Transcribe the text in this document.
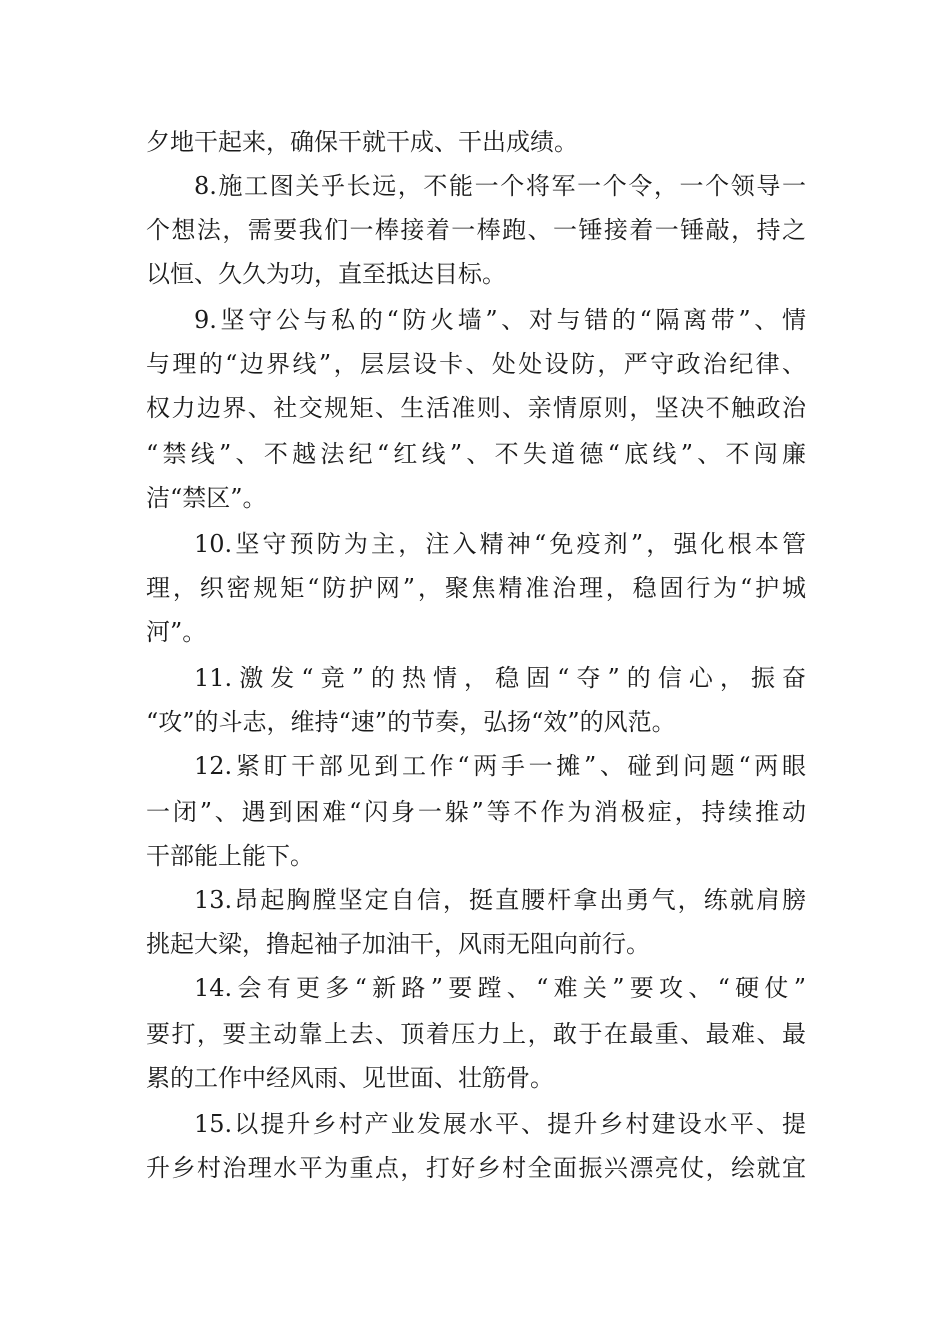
夕地干起来，确保干就干成、干出成绩。
8.施工图关乎长远，不能一个将军一个令，一个领导一
个想法，需要我们一棒接着一棒跑、一锤接着一锤敲，持之
以恒、久久为功，直至抵达目标。
9.坚守公与私的“防火墙”、对与错的“隔离带”、情
与理的“边界线”，层层设卡、处处设防，严守政治纪律、
权力边界、社交规矩、生活准则、亲情原则，坚决不触政治
“禁线”、不越法纪“红线”、不失道德“底线”、不闯廉
洁“禁区”。
10.坚守预防为主，注入精神“免疫剂”，强化根本管
理，织密规矩“防护网”，聚焦精准治理，稳固行为“护城
河”。
11.激发“竞”的热情，稳固“夺”的信心，振奋
“攻”的斗志，维持“速”的节奏，弘扬“效”的风范。
12.紧盯干部见到工作“两手一摊”、碰到问题“两眼
一闭”、遇到困难“闪身一躲”等不作为消极症，持续推动
干部能上能下。
13.昂起胸膛坚定自信，挺直腰杆拿出勇气，练就肩膀
挑起大梁，撸起袖子加油干，风雨无阻向前行。
14.会有更多“新路”要蹚、“难关”要攻、“硬仗”
要打，要主动靠上去、顶着压力上，敢于在最重、最难、最
累的工作中经风雨、见世面、壮筋骨。
15.以提升乡村产业发展水平、提升乡村建设水平、提
升乡村治理水平为重点，打好乡村全面振兴漂亮仗，绘就宜
